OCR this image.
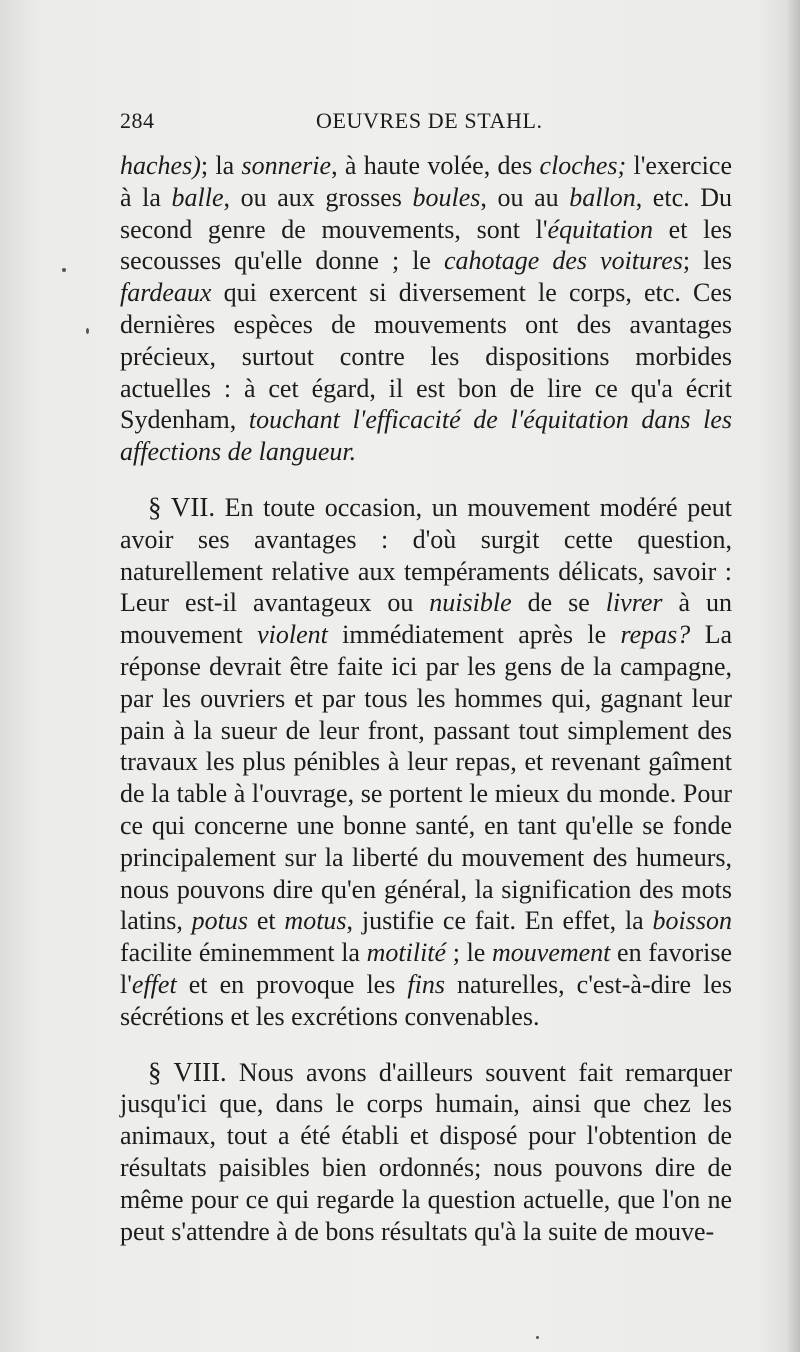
284	OEUVRES DE STAHL.

haches); la sonnerie, à haute volée, des cloches; l'exercice à la balle, ou aux grosses boules, ou au ballon, etc. Du second genre de mouvements, sont l'équitation et les secousses qu'elle donne ; le cahotage des voitures; les fardeaux qui exercent si diversement le corps, etc. Ces dernières espèces de mouvements ont des avantages précieux, surtout contre les dispositions morbides actuelles : à cet égard, il est bon de lire ce qu'a écrit Sydenham, touchant l'efficacité de l'équitation dans les affections de langueur.

§ VII. En toute occasion, un mouvement modéré peut avoir ses avantages : d'où surgit cette question, naturellement relative aux tempéraments délicats, savoir : Leur est-il avantageux ou nuisible de se livrer à un mouvement violent immédiatement après le repas? La réponse devrait être faite ici par les gens de la campagne, par les ouvriers et par tous les hommes qui, gagnant leur pain à la sueur de leur front, passant tout simplement des travaux les plus pénibles à leur repas, et revenant gaîment de la table à l'ouvrage, se portent le mieux du monde. Pour ce qui concerne une bonne santé, en tant qu'elle se fonde principalement sur la liberté du mouvement des humeurs, nous pouvons dire qu'en général, la signification des mots latins, potus et motus, justifie ce fait. En effet, la boisson facilite éminemment la motilité ; le mouvement en favorise l'effet et en provoque les fins naturelles, c'est-à-dire les sécrétions et les excrétions convenables.

§ VIII. Nous avons d'ailleurs souvent fait remarquer jusqu'ici que, dans le corps humain, ainsi que chez les animaux, tout a été établi et disposé pour l'obtention de résultats paisibles bien ordonnés; nous pouvons dire de même pour ce qui regarde la question actuelle, que l'on ne peut s'attendre à de bons résultats qu'à la suite de mouve-
